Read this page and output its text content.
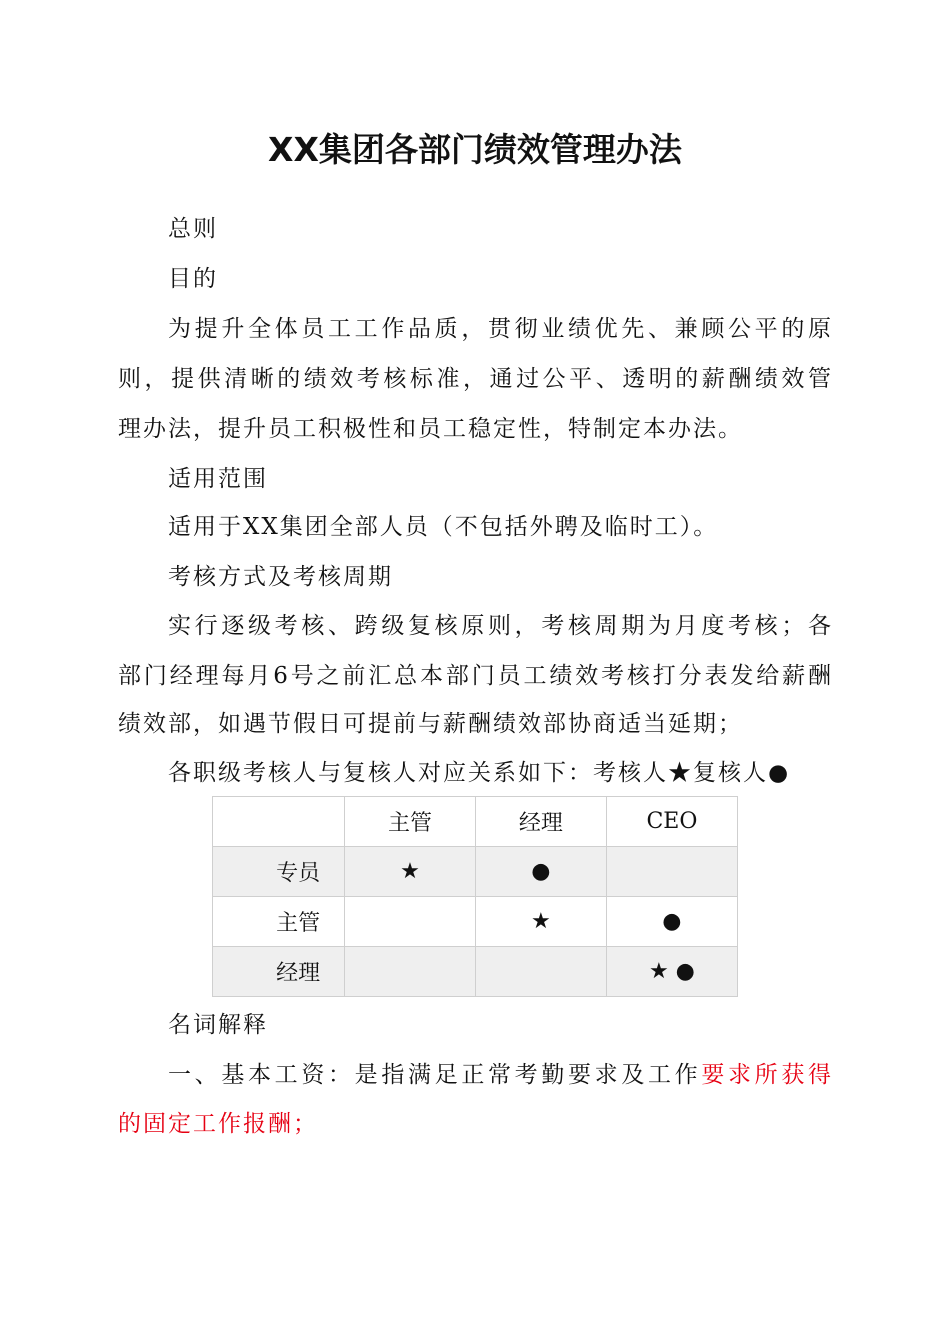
XX集团各部门绩效管理办法

总则

目的

为提升全体员工工作品质，贯彻业绩优先、兼顾公平的原

则，提供清晰的绩效考核标准，通过公平、透明的薪酬绩效管

理办法，提升员工积极性和员工稳定性，特制定本办法。

适用范围

适用于XX集团全部人员（不包括外聘及临时工）。

考核方式及考核周期

实行逐级考核、跨级复核原则，考核周期为月度考核；各

部门经理每月6号之前汇总本部门员工绩效考核打分表发给薪酬

绩效部，如遇节假日可提前与薪酬绩效部协商适当延期；

各职级考核人与复核人对应关系如下：考核人★复核人●

	主管	经理	CEO
专员	★	●	
主管		★	●
经理			★ ●

名词解释

一、基本工资：是指满足正常考勤要求及工作要求所获得

的固定工作报酬；
